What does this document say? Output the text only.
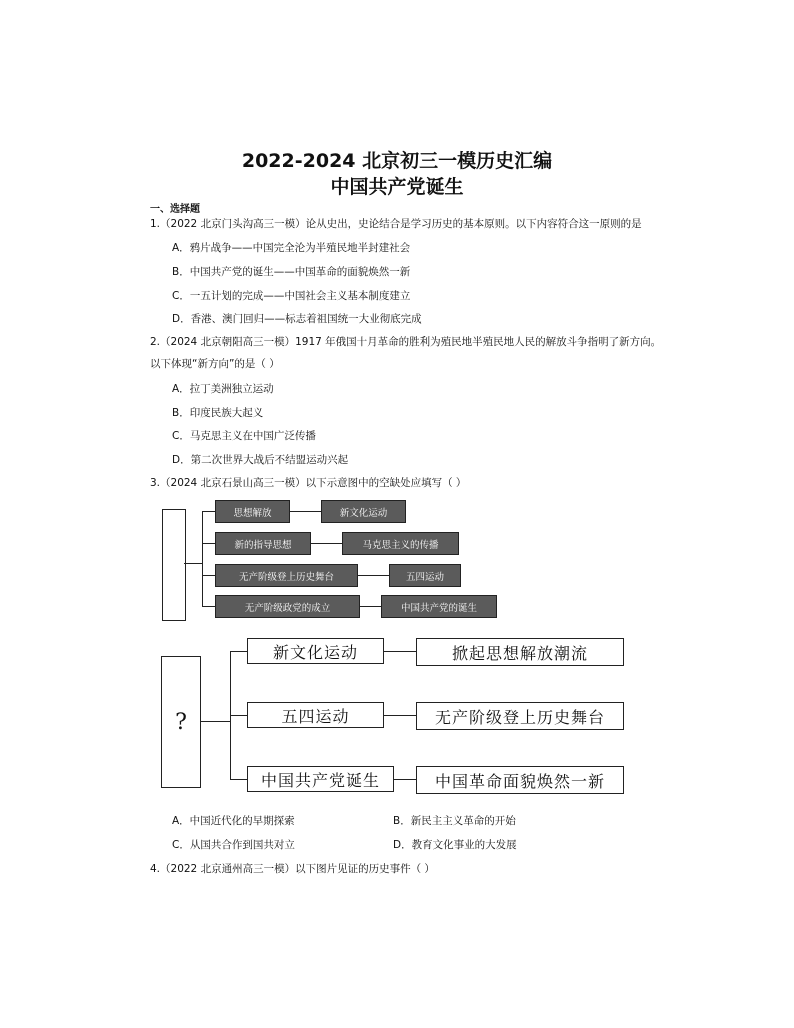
2022-2024 北京初三一模历史汇编
中国共产党诞生
一、选择题
1.（2022 北京门头沟高三一模）论从史出，史论结合是学习历史的基本原则。以下内容符合这一原则的是
A．鸦片战争——中国完全沦为半殖民地半封建社会
B．中国共产党的诞生——中国革命的面貌焕然一新
C．一五计划的完成——中国社会主义基本制度建立
D．香港、澳门回归——标志着祖国统一大业彻底完成
2.（2024 北京朝阳高三一模）1917 年俄国十月革命的胜利为殖民地半殖民地人民的解放斗争指明了新方向。
以下体现“新方向”的是（ ）
A．拉丁美洲独立运动
B．印度民族大起义
C．马克思主义在中国广泛传播
D．第二次世界大战后不结盟运动兴起
3.（2024 北京石景山高三一模）以下示意图中的空缺处应填写（ ）
思想解放	新文化运动
新的指导思想	马克思主义的传播
无产阶级登上历史舞台	五四运动
无产阶级政党的成立	中国共产党的诞生
?
新文化运动	掀起思想解放潮流
五四运动	无产阶级登上历史舞台
中国共产党诞生	中国革命面貌焕然一新
A．中国近代化的早期探索	B．新民主主义革命的开始
C．从国共合作到国共对立	D．教育文化事业的大发展
4.（2022 北京通州高三一模）以下图片见证的历史事件（ ）
